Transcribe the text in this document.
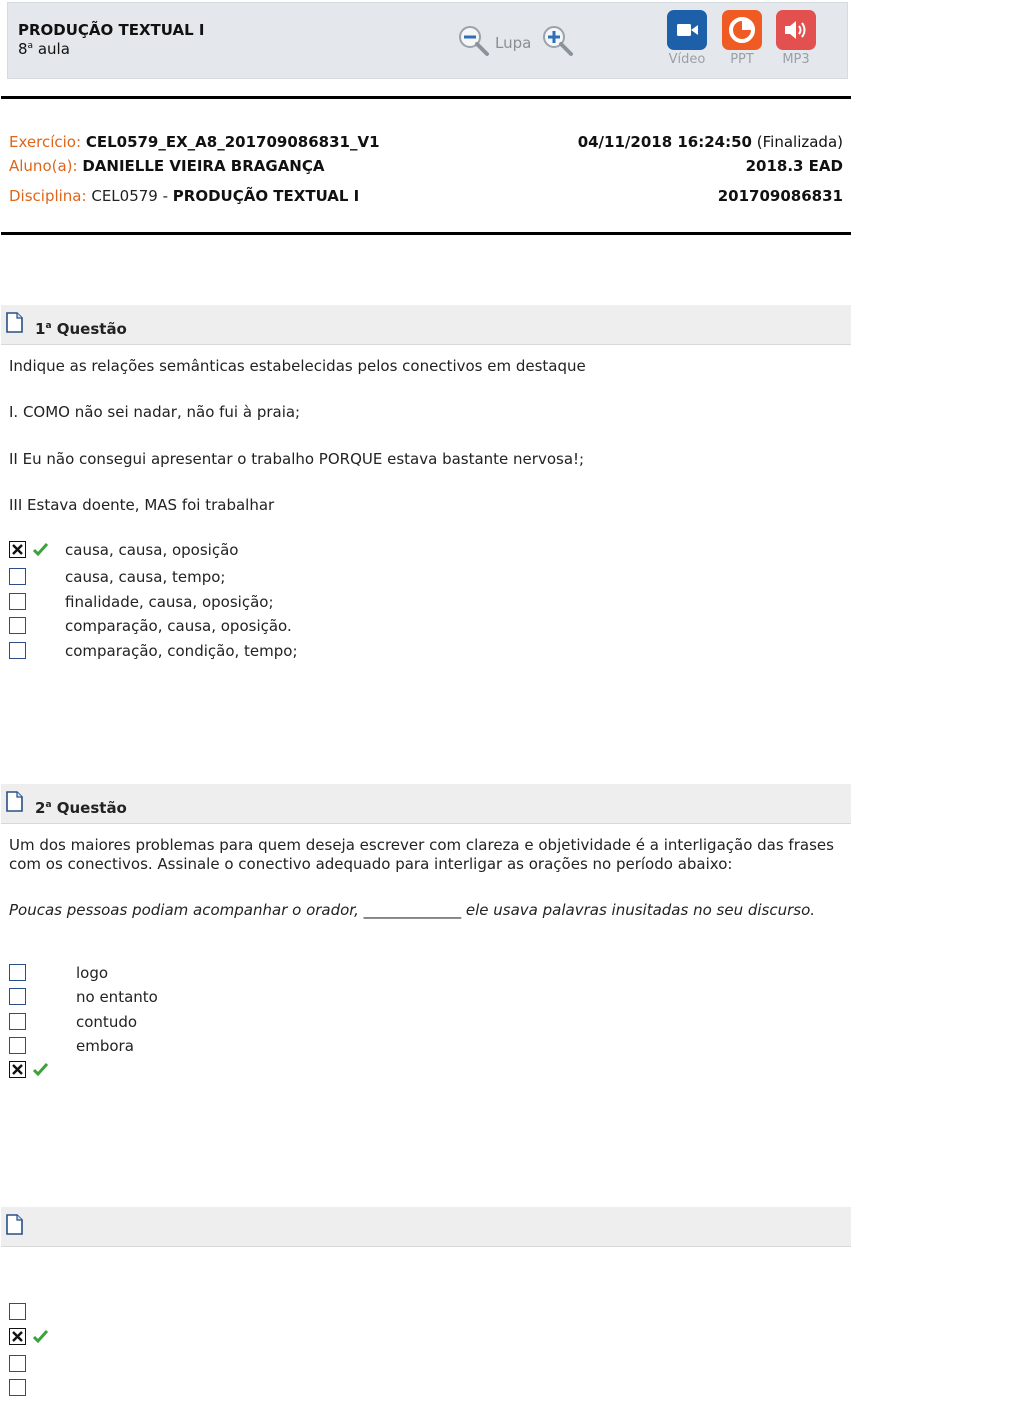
PRODUÇÃO TEXTUAL I
8$^a$ aula	Lupa
Vídeo	PPT	MP3
Exercício: CEL0579_EX_A8_201709086831_V1	04/11/2018 16:24:50 (Finalizada)
Aluno(a): DANIELLE VIEIRA BRAGANÇA	2018.3 EAD
Disciplina: CEL0579 - PRODUÇÃO TEXTUAL I	201709086831
1$^a$ Questão
Indique as relações semânticas estabelecidas pelos conectivos em destaque
I. COMO não sei nadar, não fui à praia;
II Eu não consegui apresentar o trabalho PORQUE estava bastante nervosa!;
III Estava doente, MAS foi trabalhar
causa, causa, oposição
causa, causa, tempo;
finalidade, causa, oposição;
comparação, causa, oposição.
comparação, condição, tempo;
2$^a$ Questão
Um dos maiores problemas para quem deseja escrever com clareza e objetividade é a interligação das frases com os conectivos. Assinale o conectivo adequado para interligar as orações no período abaixo:
Poucas pessoas podiam acompanhar o orador, _____________ ele usava palavras inusitadas no seu discurso.
logo
no entanto
contudo
embora
